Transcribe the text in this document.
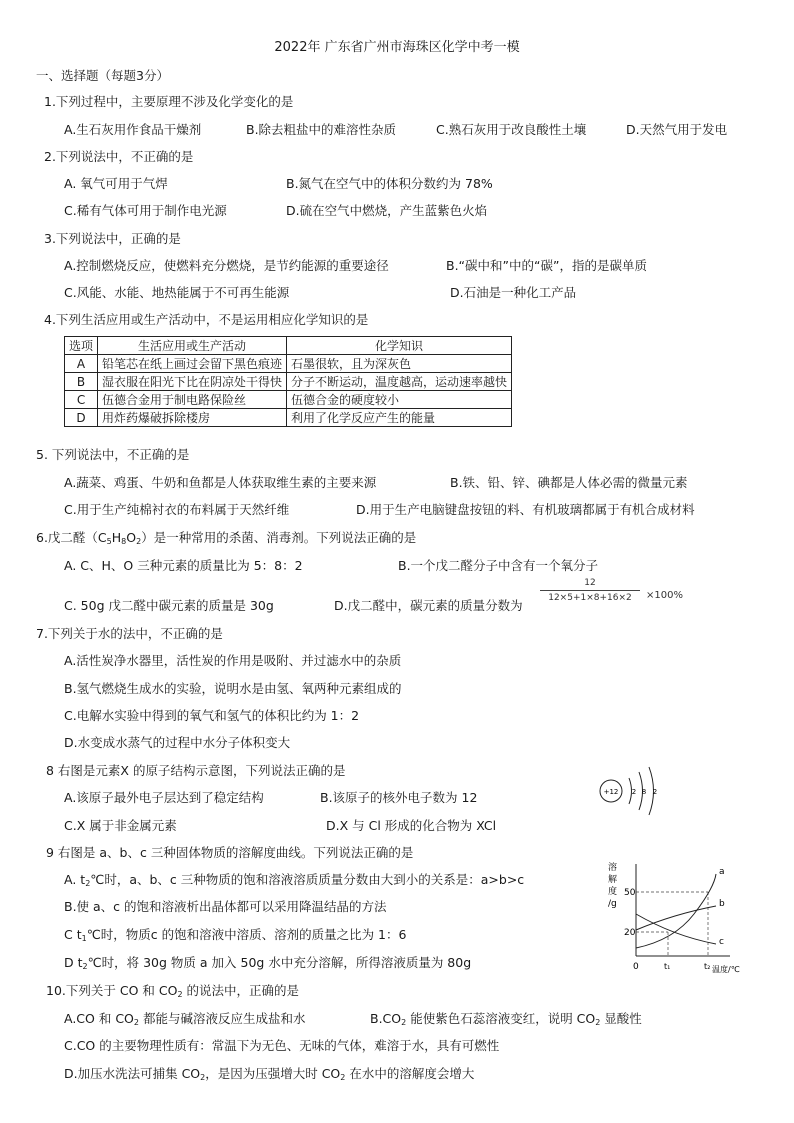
2022年 广东省广州市海珠区化学中考一模
一、选择题（每题3分）
1.下列过程中，主要原理不涉及化学变化的是
A.生石灰用作食品干燥剂	B.除去粗盐中的难溶性杂质	C.熟石灰用于改良酸性土壤	D.天然气用于发电
2.下列说法中，不正确的是
A. 氧气可用于气焊	B.氮气在空气中的体积分数约为 78%
C.稀有气体可用于制作电光源	D.硫在空气中燃烧，产生蓝紫色火焰
3.下列说法中，正确的是
A.控制燃烧反应，使燃料充分燃烧，是节约能源的重要途径	B.“碳中和”中的“碳”，指的是碳单质
C.风能、水能、地热能属于不可再生能源	D.石油是一种化工产品
4.下列生活应用或生产活动中，不是运用相应化学知识的是
选项	生活应用或生产活动	化学知识
A	铅笔芯在纸上画过会留下黑色痕迹	石墨很软，且为深灰色
B	湿衣服在阳光下比在阴凉处干得快	分子不断运动，温度越高，运动速率越快
C	伍德合金用于制电路保险丝	伍德合金的硬度较小
D	用炸药爆破拆除楼房	利用了化学反应产生的能量
5. 下列说法中，不正确的是
A.蔬菜、鸡蛋、牛奶和鱼都是人体获取维生素的主要来源	B.铁、铅、锌、碘都是人体必需的微量元素
C.用于生产纯棉衬衣的布料属于天然纤维	D.用于生产电脑键盘按钮的料、有机玻璃都属于有机合成材料
6.戊二醛$(C_5H_8O_2)$是一种常用的杀菌、消毒剂。下列说法正确的是
A. C、H、O 三种元素的质量比为 5：8：2	B.一个戊二醛分子中含有一个氧分子
C. 50g 戊二醛中碳元素的质量是 30g	D.戊二醛中，碳元素的质量分数为
$\frac{12}{12\times 5+1\times 8+16\times 2} \times 100\%$
7.下列关于水的法中，不正确的是
A.活性炭净水器里，活性炭的作用是吸附、并过滤水中的杂质
B.氢气燃烧生成水的实验，说明水是由氢、氧两种元素组成的
C.电解水实验中得到的氧气和氢气的体积比约为 1：2
D.水变成水蒸气的过程中水分子体积变大
8 右图是元素X 的原子结构示意图，下列说法正确的是
A.该原子最外电子层达到了稳定结构	B.该原子的核外电子数为 12
C.X 属于非金属元素	D.X 与 Cl 形成的化合物为 XCl
+12 2 8 2
9 右图是 a、b、c 三种固体物质的溶解度曲线。下列说法正确的是
A. $t_2℃$时，a、b、c 三种物质的饱和溶液溶质质量分数由大到小的关系是：a>b>c
B.使 a、c 的饱和溶液析出晶体都可以采用降温结晶的方法
C $t_1℃$时，物质c 的饱和溶液中溶质、溶剂的质量之比为 1：6
D $t_2℃$时，将 30g 物质 a 加入 50g 水中充分溶解，所得溶液质量为 80g
溶
解
度
/g
50
20
0	t₁	t₂ 温度/℃
a
b
c
10.下列关于 CO 和 $CO_2$ 的说法中，正确的是
A.CO 和 $CO_2$ 都能与碱溶液反应生成盐和水	$B.CO_2$ 能使紫色石蕊溶液变红，说明 $CO_2$ 显酸性
C.CO 的主要物理性质有：常温下为无色、无味的气体，难溶于水，具有可燃性
D.加压水洗法可捕集 $CO_2$，是因为压强增大时 $CO_2$ 在水中的溶解度会增大
